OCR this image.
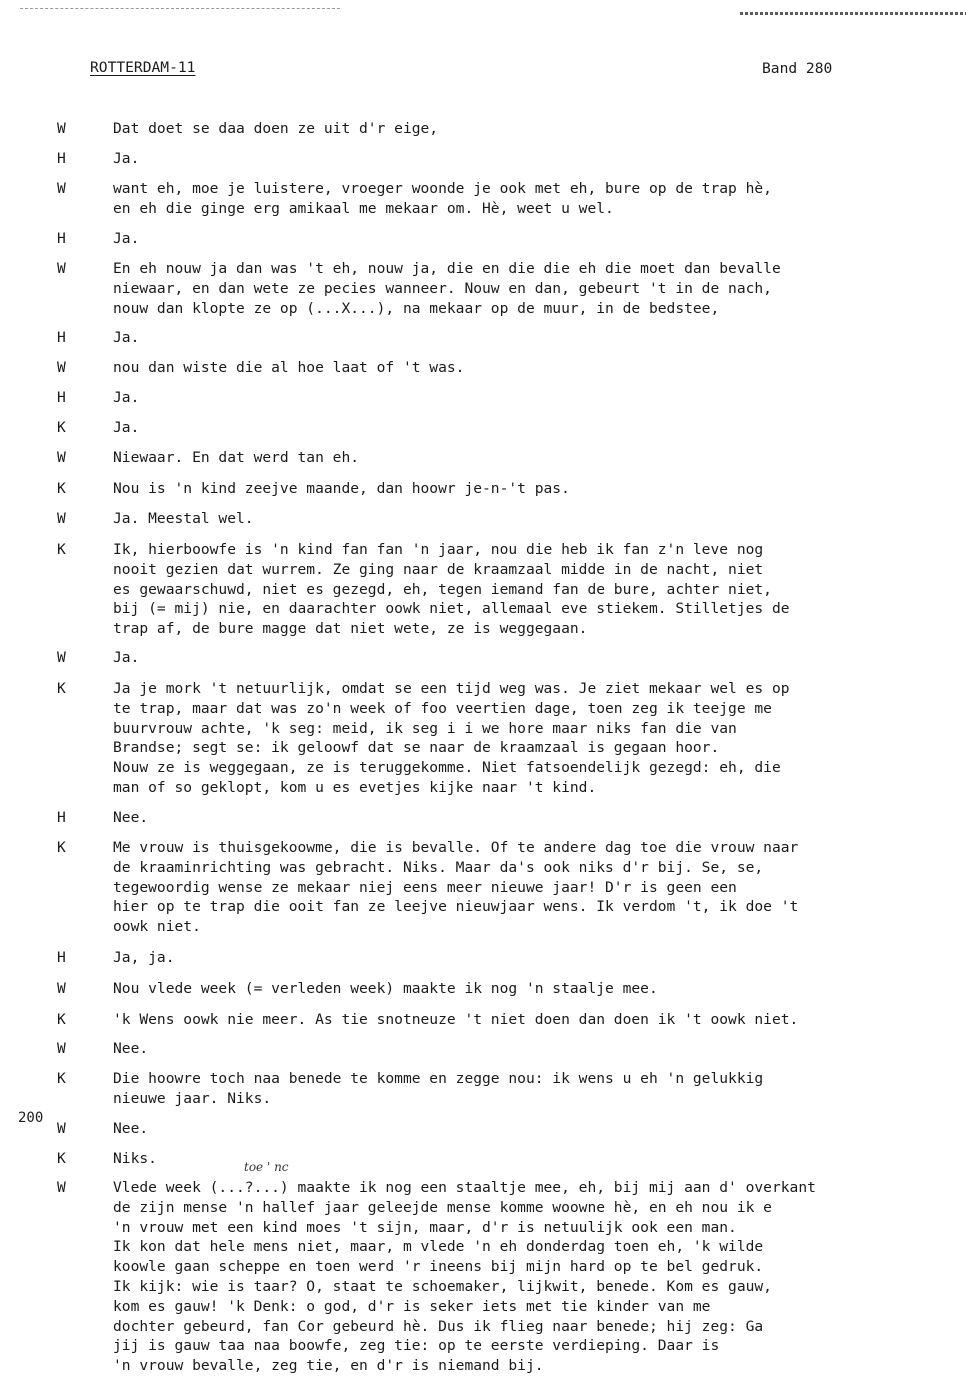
ROTTERDAM-11	Band 280
200
toe ' nc

W

	Dat doet se daa doen ze uit d'r eige,

H

	Ja.

W

	want eh, moe je luistere, vroeger woonde je ook met eh, bure op de trap hè,
en eh die ginge erg amikaal me mekaar om. Hè, weet u wel.

H

	Ja.

W

	En eh nouw ja dan was 't eh, nouw ja, die en die die eh die moet dan bevalle
niewaar, en dan wete ze pecies wanneer. Nouw en dan, gebeurt 't in de nach,
nouw dan klopte ze op (...X...), na mekaar op de muur, in de bedstee,

H

	Ja.

W

	nou dan wiste die al hoe laat of 't was.

H

	Ja.

K

	Ja.

W

	Niewaar. En dat werd tan eh.

K

	Nou is 'n kind zeejve maande, dan hoowr je-n-'t pas.

W

	Ja. Meestal wel.

K

	Ik, hierboowfe is 'n kind fan fan 'n jaar, nou die heb ik fan z'n leve nog
nooit gezien dat wurrem. Ze ging naar de kraamzaal midde in de nacht, niet
es gewaarschuwd, niet es gezegd, eh, tegen iemand fan de bure, achter niet,
bij (= mij) nie, en daarachter oowk niet, allemaal eve stiekem. Stilletjes de
trap af, de bure magge dat niet wete, ze is weggegaan.

W

	Ja.

K

	Ja je mork 't netuurlijk, omdat se een tijd weg was. Je ziet mekaar wel es op
te trap, maar dat was zo'n week of foo veertien dage, toen zeg ik teejge me
buurvrouw achte, 'k seg: meid, ik seg i i we hore maar niks fan die van
Brandse; segt se: ik geloowf dat se naar de kraamzaal is gegaan hoor.
Nouw ze is weggegaan, ze is teruggekomme. Niet fatsoendelijk gezegd: eh, die
man of so geklopt, kom u es evetjes kijke naar 't kind.

H

	Nee.

K

	Me vrouw is thuisgekoowme, die is bevalle. Of te andere dag toe die vrouw naar
de kraaminrichting was gebracht. Niks. Maar da's ook niks d'r bij. Se, se,
tegewoordig wense ze mekaar niej eens meer nieuwe jaar! D'r is geen een
hier op te trap die ooit fan ze leejve nieuwjaar wens. Ik verdom 't, ik doe 't
oowk niet.

H

	Ja, ja.

W

	Nou vlede week (= verleden week) maakte ik nog 'n staalje mee.

K

	'k Wens oowk nie meer. As tie snotneuze 't niet doen dan doen ik 't oowk niet.

W

	Nee.

K

	Die hoowre toch naa benede te komme en zegge nou: ik wens u eh 'n gelukkig
nieuwe jaar. Niks.

W

	Nee.

K

	Niks.

W

	Vlede week (...?...) maakte ik nog een staaltje mee, eh, bij mij aan d' overkant
de zijn mense 'n hallef jaar geleejde mense komme woowne hè, en eh nou ik e
'n vrouw met een kind moes 't sijn, maar, d'r is netuulijk ook een man.
Ik kon dat hele mens niet, maar, m vlede 'n eh donderdag toen eh, 'k wilde
koowle gaan scheppe en toen werd 'r ineens bij mijn hard op te bel gedruk.
Ik kijk: wie is taar? O, staat te schoemaker, lijkwit, benede. Kom es gauw,
kom es gauw! 'k Denk: o god, d'r is seker iets met tie kinder van me
dochter gebeurd, fan Cor gebeurd hè. Dus ik flieg naar benede; hij zeg: Ga
jij is gauw taa naa boowfe, zeg tie: op te eerste verdieping. Daar is
'n vrouw bevalle, zeg tie, en d'r is niemand bij.
